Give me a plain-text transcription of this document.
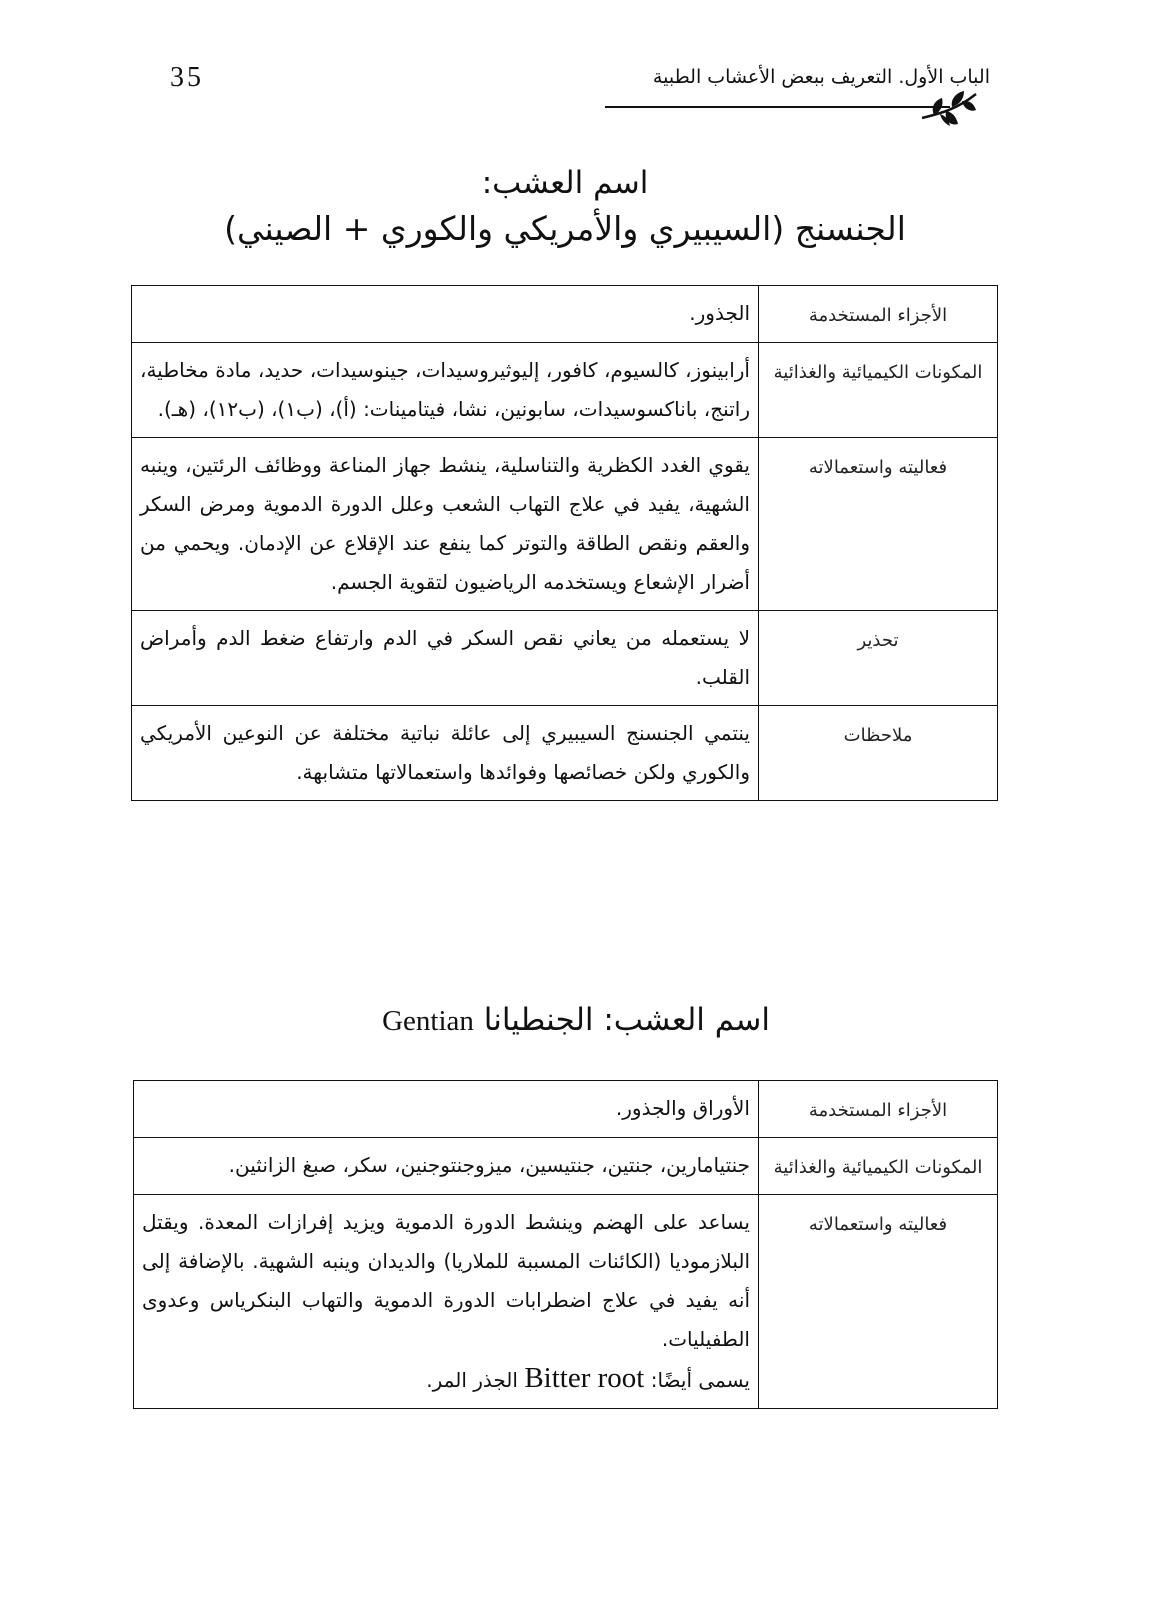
35	الباب الأول. التعريف ببعض الأعشاب الطبية
اسم العشب:
الجنسنج (السيبيري والأمريكي والكوري + الصيني)
الأجزاء المستخدمة	الجذور.
المكونات الكيميائية والغذائية	أرابينوز، كالسيوم، كافور، إليوثيروسيدات، جينوسيدات، حديد، مادة مخاطية، راتنج، باناكسوسيدات، سابونين، نشا، فيتامينات: (أ)، (ب١)، (ب١٢)، (هـ).
فعاليته واستعمالاته	يقوي الغدد الكظرية والتناسلية، ينشط جهاز المناعة ووظائف الرئتين، وينبه الشهية، يفيد في علاج التهاب الشعب وعلل الدورة الدموية ومرض السكر والعقم ونقص الطاقة والتوتر كما ينفع عند الإقلاع عن الإدمان. ويحمي من أضرار الإشعاع ويستخدمه الرياضيون لتقوية الجسم.
تحذير	لا يستعمله من يعاني نقص السكر في الدم وارتفاع ضغط الدم وأمراض القلب.
ملاحظات	ينتمي الجنسنج السيبيري إلى عائلة نباتية مختلفة عن النوعين الأمريكي والكوري ولكن خصائصها وفوائدها واستعمالاتها متشابهة.
اسم العشب: الجنطيانا Gentian
الأجزاء المستخدمة	الأوراق والجذور.
المكونات الكيميائية والغذائية	جنتيامارين، جنتين، جنتيسين، ميزوجنتوجنين، سكر، صبغ الزانثين.
فعاليته واستعمالاته	يساعد على الهضم وينشط الدورة الدموية ويزيد إفرازات المعدة. ويقتل البلازموديا (الكائنات المسببة للملاريا) والديدان وينبه الشهية. بالإضافة إلى أنه يفيد في علاج اضطرابات الدورة الدموية والتهاب البنكرياس وعدوى الطفيليات.
يسمى أيضًا: Bitter root الجذر المر.
